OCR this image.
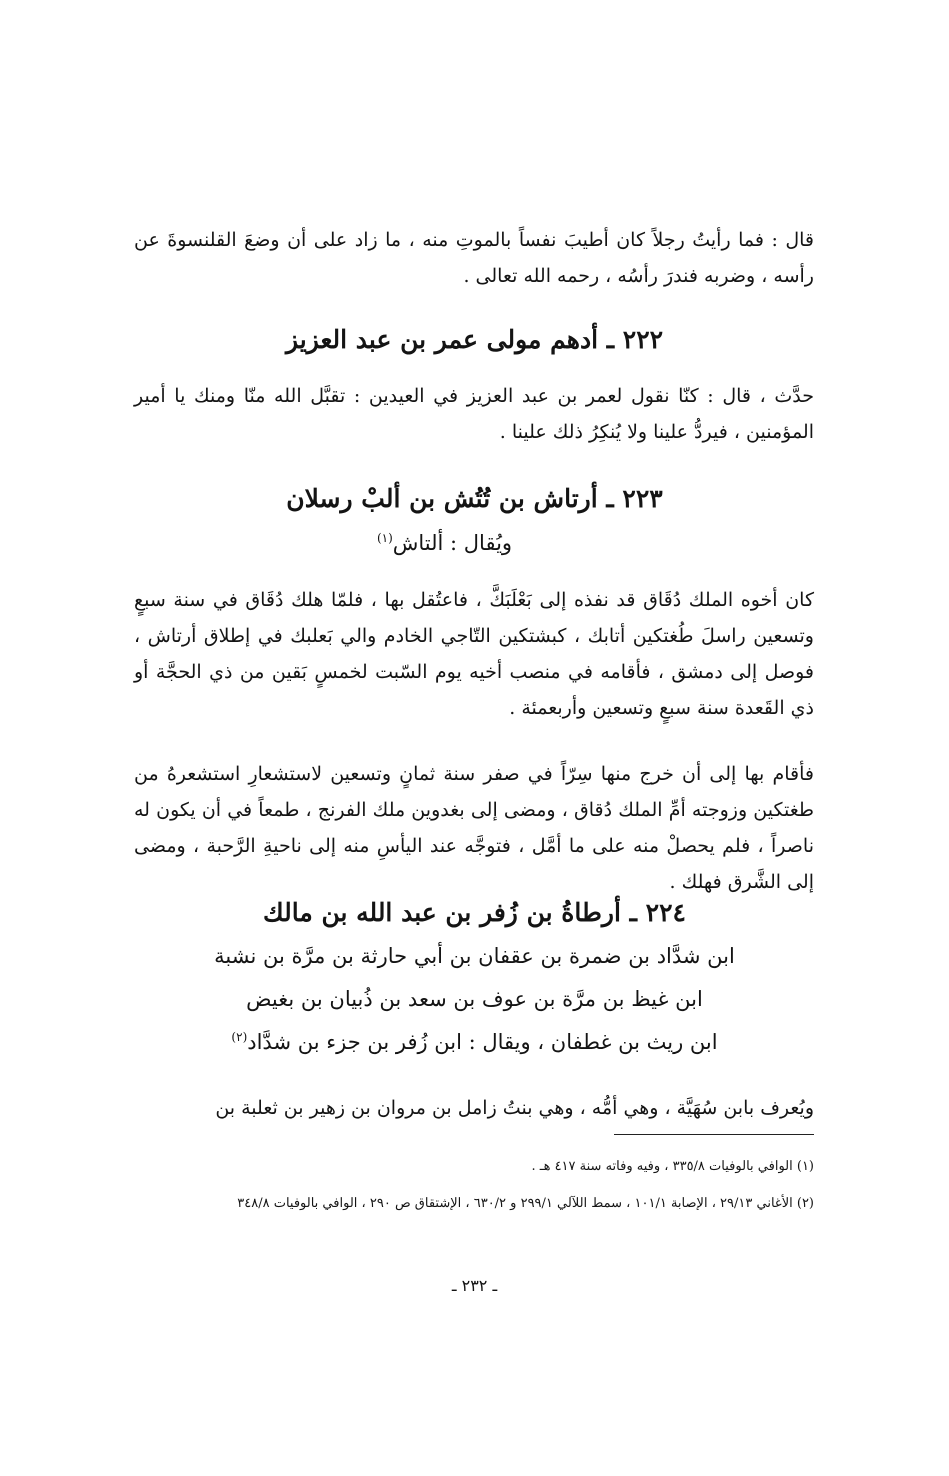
قال : فما رأيتُ رجلاً كان أطيبَ نفساً بالموتِ منه ، ما زاد على أن وضعَ القلنسوةَ عن رأسه ، وضربه فندرَ رأسُه ، رحمه الله تعالى .

٢٢٢ ـ أدهم مولى عمر بن عبد العزيز

حدَّث ، قال : كنّا نقول لعمر بن عبد العزيز في العيدين : تقبَّل الله منّا ومنك يا أمير المؤمنين ، فيردُّ علينا ولا يُنكِرُ ذلك علينا .

٢٢٣ ـ أرتاش بن تُتُش بن ألبْ رسلان
ويُقال : ألتاش$^{(١)}$

كان أخوه الملك دُقَاق قد نفذه إلى بَعْلَبَكَّ ، فاعتُقل بها ، فلمّا هلك دُقَاق في سنة سبعٍ وتسعين راسلَ طُغتكين أتابك ، كبشتكين التّاجي الخادم والي بَعلبك في إطلاق أرتاش ، فوصل إلى دمشق ، فأقامه في منصب أخيه يوم السّبت لخمسٍ بَقين من ذي الحجَّة أو ذي القَعدة سنة سبعٍ وتسعين وأربعمئة .

فأقام بها إلى أن خرج منها سِرّاً في صفر سنة ثمانٍ وتسعين لاستشعارِ استشعرهُ من طغتكين وزوجته أمِّ الملك دُقاق ، ومضى إلى بغدوين ملك الفرنج ، طمعاً في أن يكون له ناصراً ، فلم يحصلْ منه على ما أمَّل ، فتوجَّه عند اليأسِ منه إلى ناحيةِ الرَّحبة ، ومضى إلى الشَّرق فهلك .

٢٢٤ ـ أرطاةُ بن زُفر بن عبد الله بن مالك
ابن شدَّاد بن ضمرة بن عقفان بن أبي حارثة بن مرَّة بن نشبة
ابن غيظ بن مرَّة بن عوف بن سعد بن ذُبيان بن بغيض
ابن ريث بن غطفان ، ويقال : ابن زُفر بن جزء بن شدَّاد$^{(٢)}$

ويُعرف بابن سُهَيَّة ، وهي أمُّه ، وهي بنتُ زامل بن مروان بن زهير بن ثعلبة بن

(١) الوافي بالوفيات ٣٣٥/٨ ، وفيه وفاته سنة ٤١٧ هـ .

(٢) الأغاني ٢٩/١٣ ، الإصابة ١٠١/١ ، سمط اللآلي ٢٩٩/١ و ٦٣٠/٢ ، الإشتقاق ص ٢٩٠ ، الوافي بالوفيات ٣٤٨/٨

ـ ٢٣٢ ـ
